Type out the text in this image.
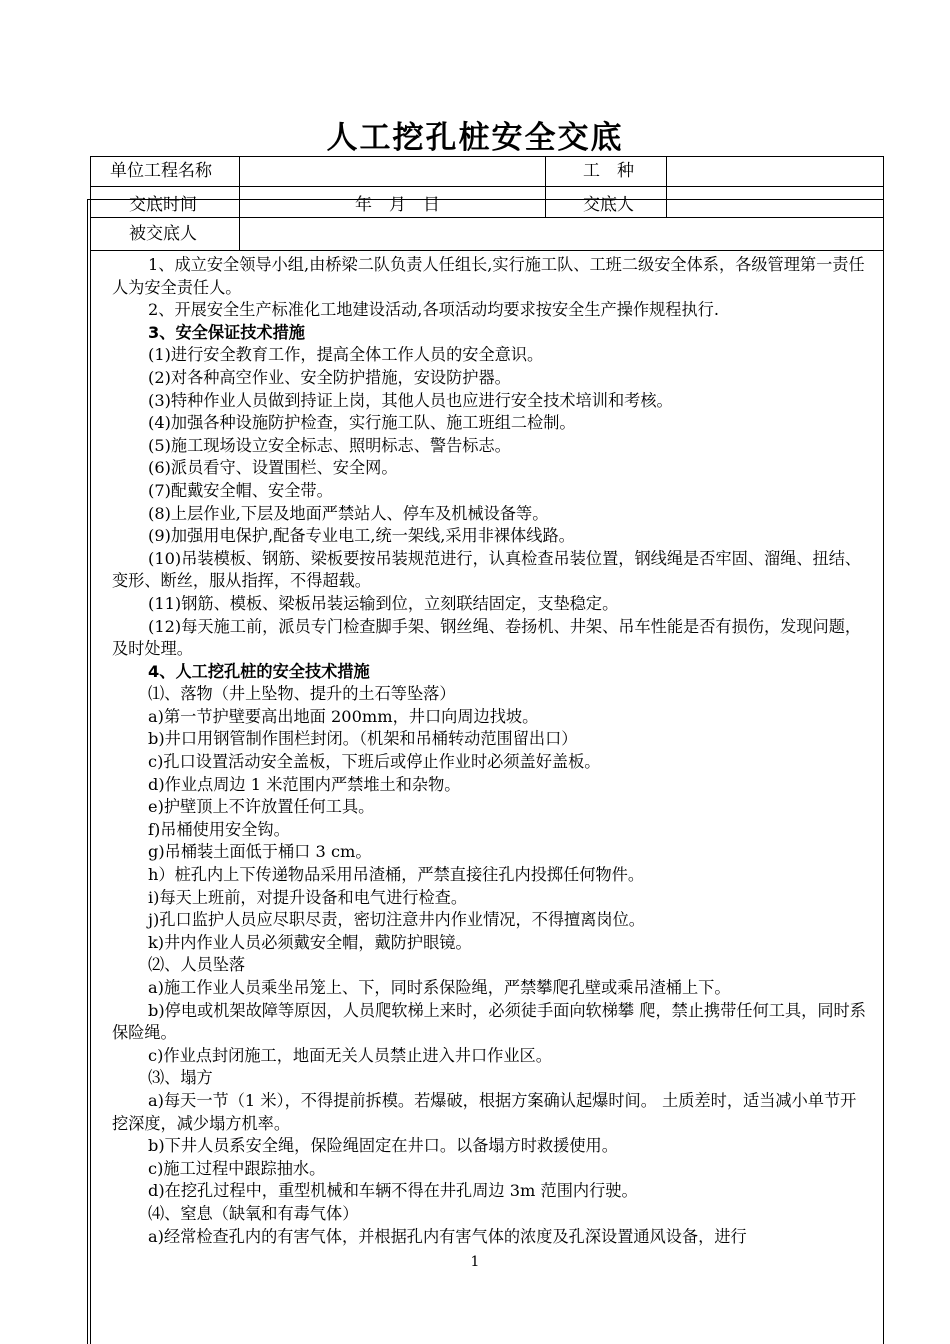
人工挖孔桩安全交底
单位工程名称	工　种
交底时间	年　月　日	交底人
被交底人

1、成立安全领导小组,由桥梁二队负责人任组长,实行施工队、工班二级安全体系，各级管理第一责任人为安全责任人。

2、开展安全生产标准化工地建设活动,各项活动均要求按安全生产操作规程执行.

3、安全保证技术措施

(1)进行安全教育工作，提高全体工作人员的安全意识。

(2)对各种高空作业、安全防护措施，安设防护器。

(3)特种作业人员做到持证上岗，其他人员也应进行安全技术培训和考核。

(4)加强各种设施防护检查，实行施工队、施工班组二检制。

(5)施工现场设立安全标志、照明标志、警告标志。

(6)派员看守、设置围栏、安全网。

(7)配戴安全帽、安全带。

(8)上层作业,下层及地面严禁站人、停车及机械设备等。

(9)加强用电保护,配备专业电工,统一架线,采用非裸体线路。

(10)吊装模板、钢筋、梁板要按吊装规范进行，认真检查吊装位置，钢线绳是否牢固、溜绳、扭结、变形、断丝，服从指挥，不得超载。

(11)钢筋、模板、梁板吊装运输到位，立刻联结固定，支垫稳定。

(12)每天施工前，派员专门检查脚手架、钢丝绳、卷扬机、井架、吊车性能是否有损伤，发现问题，及时处理。

4、人工挖孔桩的安全技术措施

⑴、落物（井上坠物、提升的土石等坠落）

a)第一节护壁要高出地面 200mm，井口向周边找坡。

b)井口用钢管制作围栏封闭。（机架和吊桶转动范围留出口）

c)孔口设置活动安全盖板，下班后或停止作业时必须盖好盖板。

d)作业点周边 1 米范围内严禁堆土和杂物。

e)护壁顶上不许放置任何工具。

f)吊桶使用安全钩。

g)吊桶装土面低于桶口 3 cm。

h）桩孔内上下传递物品采用吊渣桶，严禁直接往孔内投掷任何物件。

i)每天上班前，对提升设备和电气进行检查。

j)孔口监护人员应尽职尽责，密切注意井内作业情况，不得擅离岗位。

k)井内作业人员必须戴安全帽，戴防护眼镜。

⑵、人员坠落

a)施工作业人员乘坐吊笼上、下，同时系保险绳，严禁攀爬孔壁或乘吊渣桶上下。

b)停电或机架故障等原因，人员爬软梯上来时，必须徒手面向软梯攀 爬，禁止携带任何工具，同时系保险绳。

c)作业点封闭施工，地面无关人员禁止进入井口作业区。

⑶、塌方

a)每天一节（1 米），不得提前拆模。若爆破，根据方案确认起爆时间。 土质差时，适当减小单节开挖深度，减少塌方机率。

b)下井人员系安全绳，保险绳固定在井口。以备塌方时救援使用。

c)施工过程中跟踪抽水。

d)在挖孔过程中，重型机械和车辆不得在井孔周边 3m 范围内行驶。

⑷、窒息（缺氧和有毒气体）

a)经常检查孔内的有害气体，并根据孔内有害气体的浓度及孔深设置通风设备，进行

1
